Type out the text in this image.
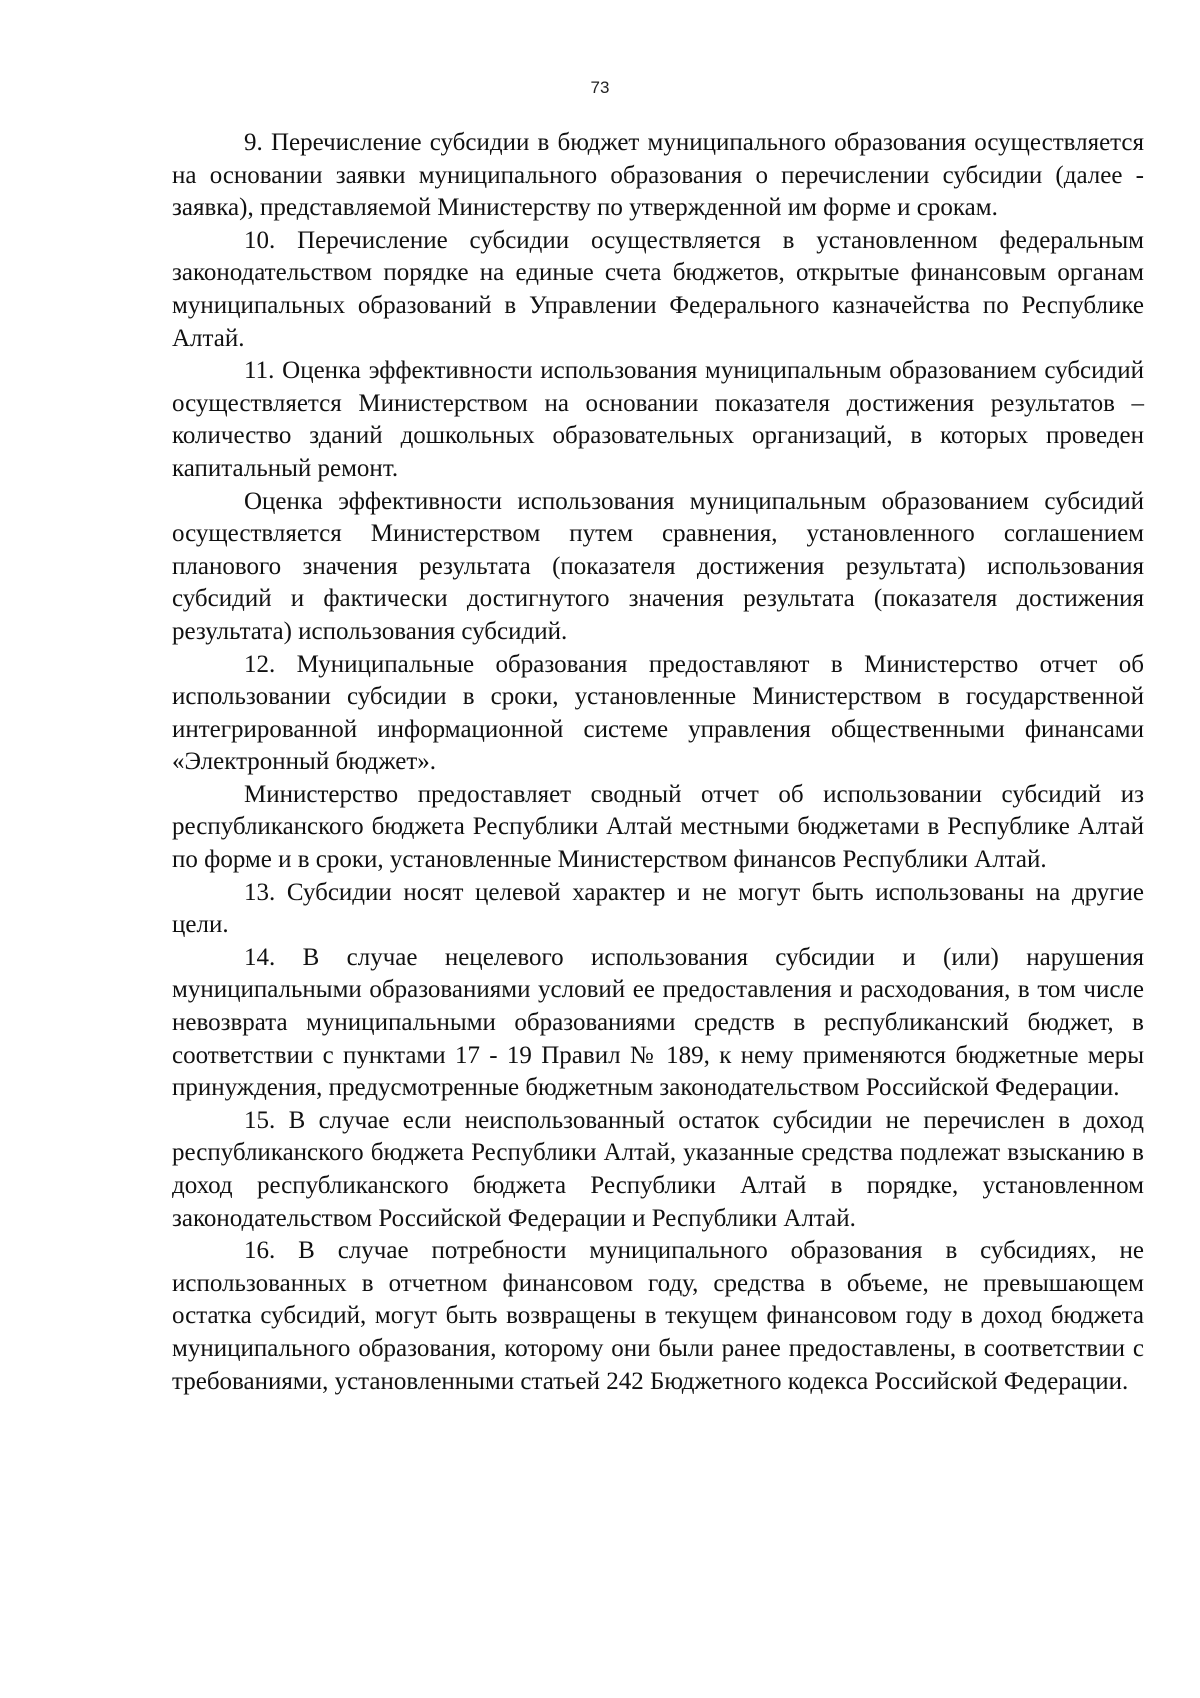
73

9. Перечисление субсидии в бюджет муниципального образования осуществляется на основании заявки муниципального образования о перечислении субсидии (далее - заявка), представляемой Министерству по утвержденной им форме и срокам.

10. Перечисление субсидии осуществляется в установленном федеральным законодательством порядке на единые счета бюджетов, открытые финансовым органам муниципальных образований в Управлении Федерального казначейства по Республике Алтай.

11. Оценка эффективности использования муниципальным образованием субсидий осуществляется Министерством на основании показателя достижения результатов – количество зданий дошкольных образовательных организаций, в которых проведен капитальный ремонт.

Оценка эффективности использования муниципальным образованием субсидий осуществляется Министерством путем сравнения, установленного соглашением планового значения результата (показателя достижения результата) использования субсидий и фактически достигнутого значения результата (показателя достижения результата) использования субсидий.

12. Муниципальные образования предоставляют в Министерство отчет об использовании субсидии в сроки, установленные Министерством в государственной интегрированной информационной системе управления общественными финансами «Электронный бюджет».

Министерство предоставляет сводный отчет об использовании субсидий из республиканского бюджета Республики Алтай местными бюджетами в Республике Алтай по форме и в сроки, установленные Министерством финансов Республики Алтай.

13. Субсидии носят целевой характер и не могут быть использованы на другие цели.

14. В случае нецелевого использования субсидии и (или) нарушения муниципальными образованиями условий ее предоставления и расходования, в том числе невозврата муниципальными образованиями средств в республиканский бюджет, в соответствии с пунктами 17 - 19 Правил № 189, к нему применяются бюджетные меры принуждения, предусмотренные бюджетным законодательством Российской Федерации.

15. В случае если неиспользованный остаток субсидии не перечислен в доход республиканского бюджета Республики Алтай, указанные средства подлежат взысканию в доход республиканского бюджета Республики Алтай в порядке, установленном законодательством Российской Федерации и Республики Алтай.

16. В случае потребности муниципального образования в субсидиях, не использованных в отчетном финансовом году, средства в объеме, не превышающем остатка субсидий, могут быть возвращены в текущем финансовом году в доход бюджета муниципального образования, которому они были ранее предоставлены, в соответствии с требованиями, установленными статьей 242 Бюджетного кодекса Российской Федерации.
